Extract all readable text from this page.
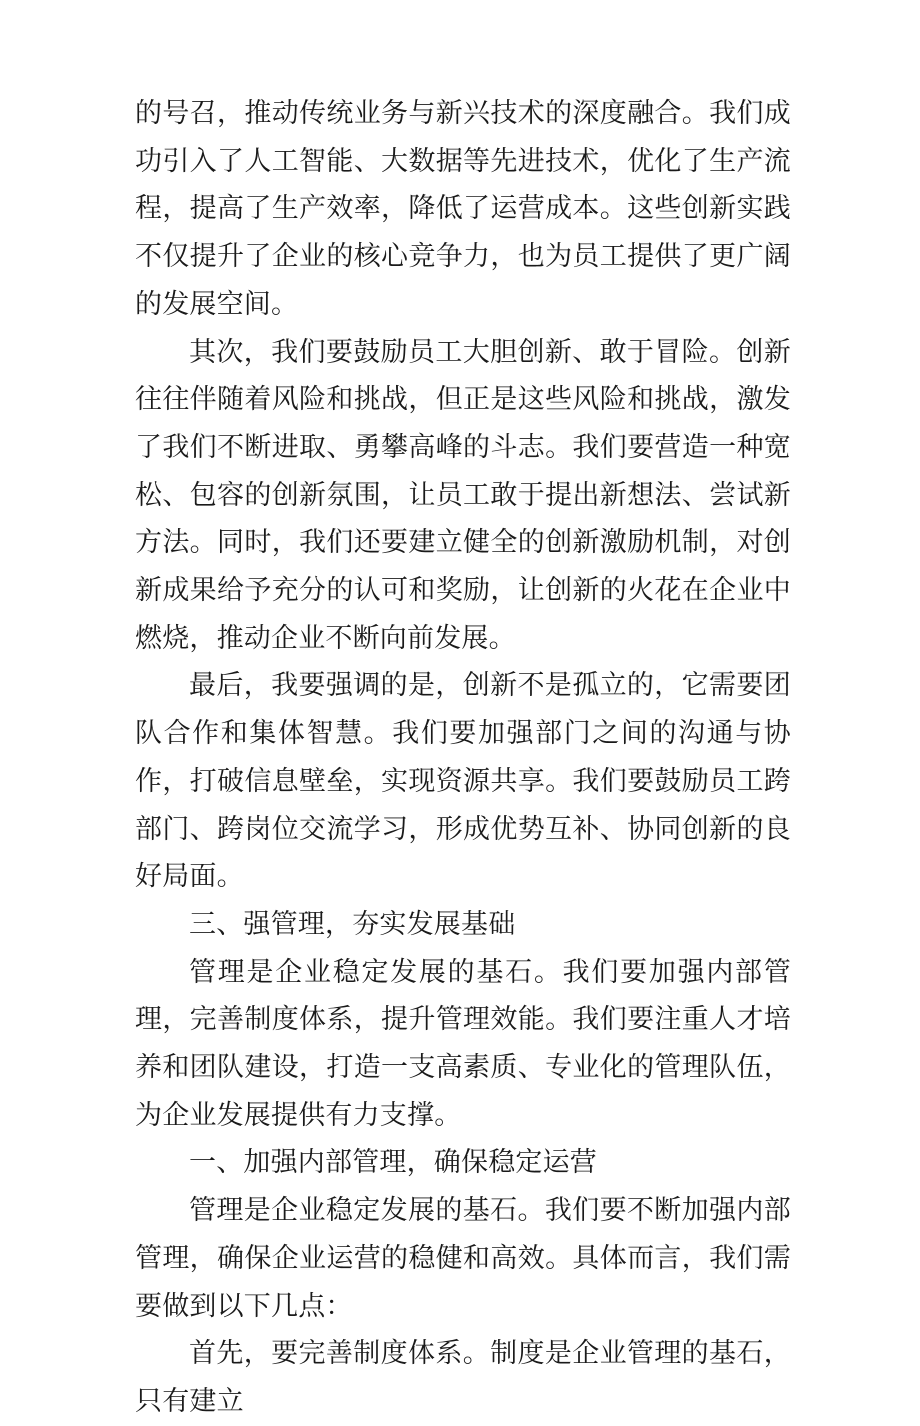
的号召，推动传统业务与新兴技术的深度融合。我们成功引入了人工智能、大数据等先进技术，优化了生产流程，提高了生产效率，降低了运营成本。这些创新实践不仅提升了企业的核心竞争力，也为员工提供了更广阔的发展空间。

其次，我们要鼓励员工大胆创新、敢于冒险。创新往往伴随着风险和挑战，但正是这些风险和挑战，激发了我们不断进取、勇攀高峰的斗志。我们要营造一种宽松、包容的创新氛围，让员工敢于提出新想法、尝试新方法。同时，我们还要建立健全的创新激励机制，对创新成果给予充分的认可和奖励，让创新的火花在企业中燃烧，推动企业不断向前发展。

最后，我要强调的是，创新不是孤立的，它需要团队合作和集体智慧。我们要加强部门之间的沟通与协作，打破信息壁垒，实现资源共享。我们要鼓励员工跨部门、跨岗位交流学习，形成优势互补、协同创新的良好局面。

三、强管理，夯实发展基础

管理是企业稳定发展的基石。我们要加强内部管理，完善制度体系，提升管理效能。我们要注重人才培养和团队建设，打造一支高素质、专业化的管理队伍，为企业发展提供有力支撑。

一、加强内部管理，确保稳定运营

管理是企业稳定发展的基石。我们要不断加强内部管理，确保企业运营的稳健和高效。具体而言，我们需要做到以下几点：

首先，要完善制度体系。制度是企业管理的基石，只有建立
